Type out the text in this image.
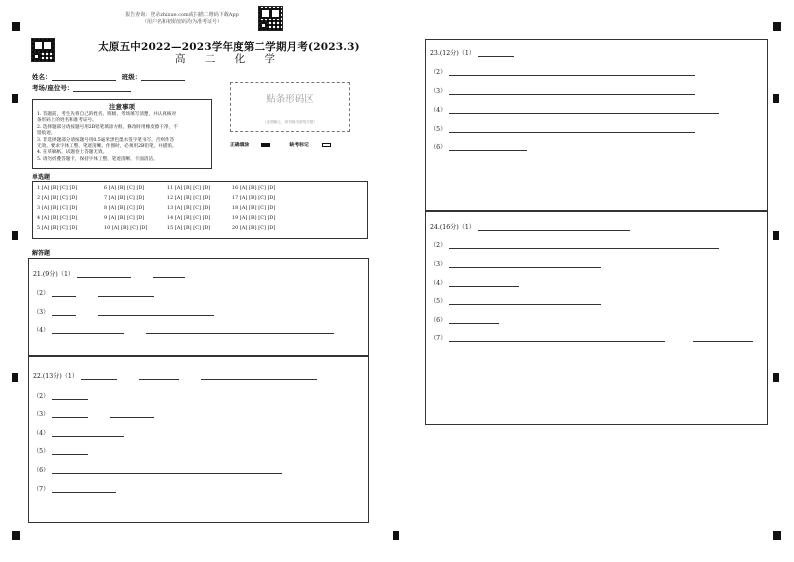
报告查询：登录zhixue.com或扫描二维码下载App
（用户名和初始密码均为准考证号）
太原五中2022—2023学年度第二学期月考(2023.3)
高 二 化 学
姓名：	班级：
考场/座位号：
贴条形码区
（正面朝上，切勿贴出虚线方框）
正确填涂	缺考标记
注意事项
1. 答题前，考生先将自己的姓名、班级、考场填写清楚，并认真核对
条形码上的姓名和准考证号。
2. 选择题部分请按题号用2B铅笔填涂方框，修改时用橡皮擦干净，不
留痕迹。
3. 非选择题部分请按题号用0.5毫米黑色墨水签字笔书写，否则作答
无效。要求字体工整、笔迹清晰。作图时，必须用2B铅笔，并描浓。
4. 在草稿纸、试题卷上答题无效。
5. 请勿折叠答题卡，保持字体工整、笔迹清晰、卡面清洁。
单选题
1 [A] [B] [C] [D]	6 [A] [B] [C] [D]	11 [A] [B] [C] [D]	16 [A] [B] [C] [D]
2 [A] [B] [C] [D]	7 [A] [B] [C] [D]	12 [A] [B] [C] [D]	17 [A] [B] [C] [D]
3 [A] [B] [C] [D]	8 [A] [B] [C] [D]	13 [A] [B] [C] [D]	18 [A] [B] [C] [D]
4 [A] [B] [C] [D]	9 [A] [B] [C] [D]	14 [A] [B] [C] [D]	19 [A] [B] [C] [D]
5 [A] [B] [C] [D]	10 [A] [B] [C] [D]	15 [A] [B] [C] [D]	20 [A] [B] [C] [D]
解答题
21.(9分)（1）
（2）
（3）
（4）
22.(13分)（1）
（2）
（3）
（4）
（5）
（6）
（7）
23.(12分)（1）
（2）
（3）
（4）
（5）
（6）
24.(16分)（1）
（2）
（3）
（4）
（5）
（6）
（7）
